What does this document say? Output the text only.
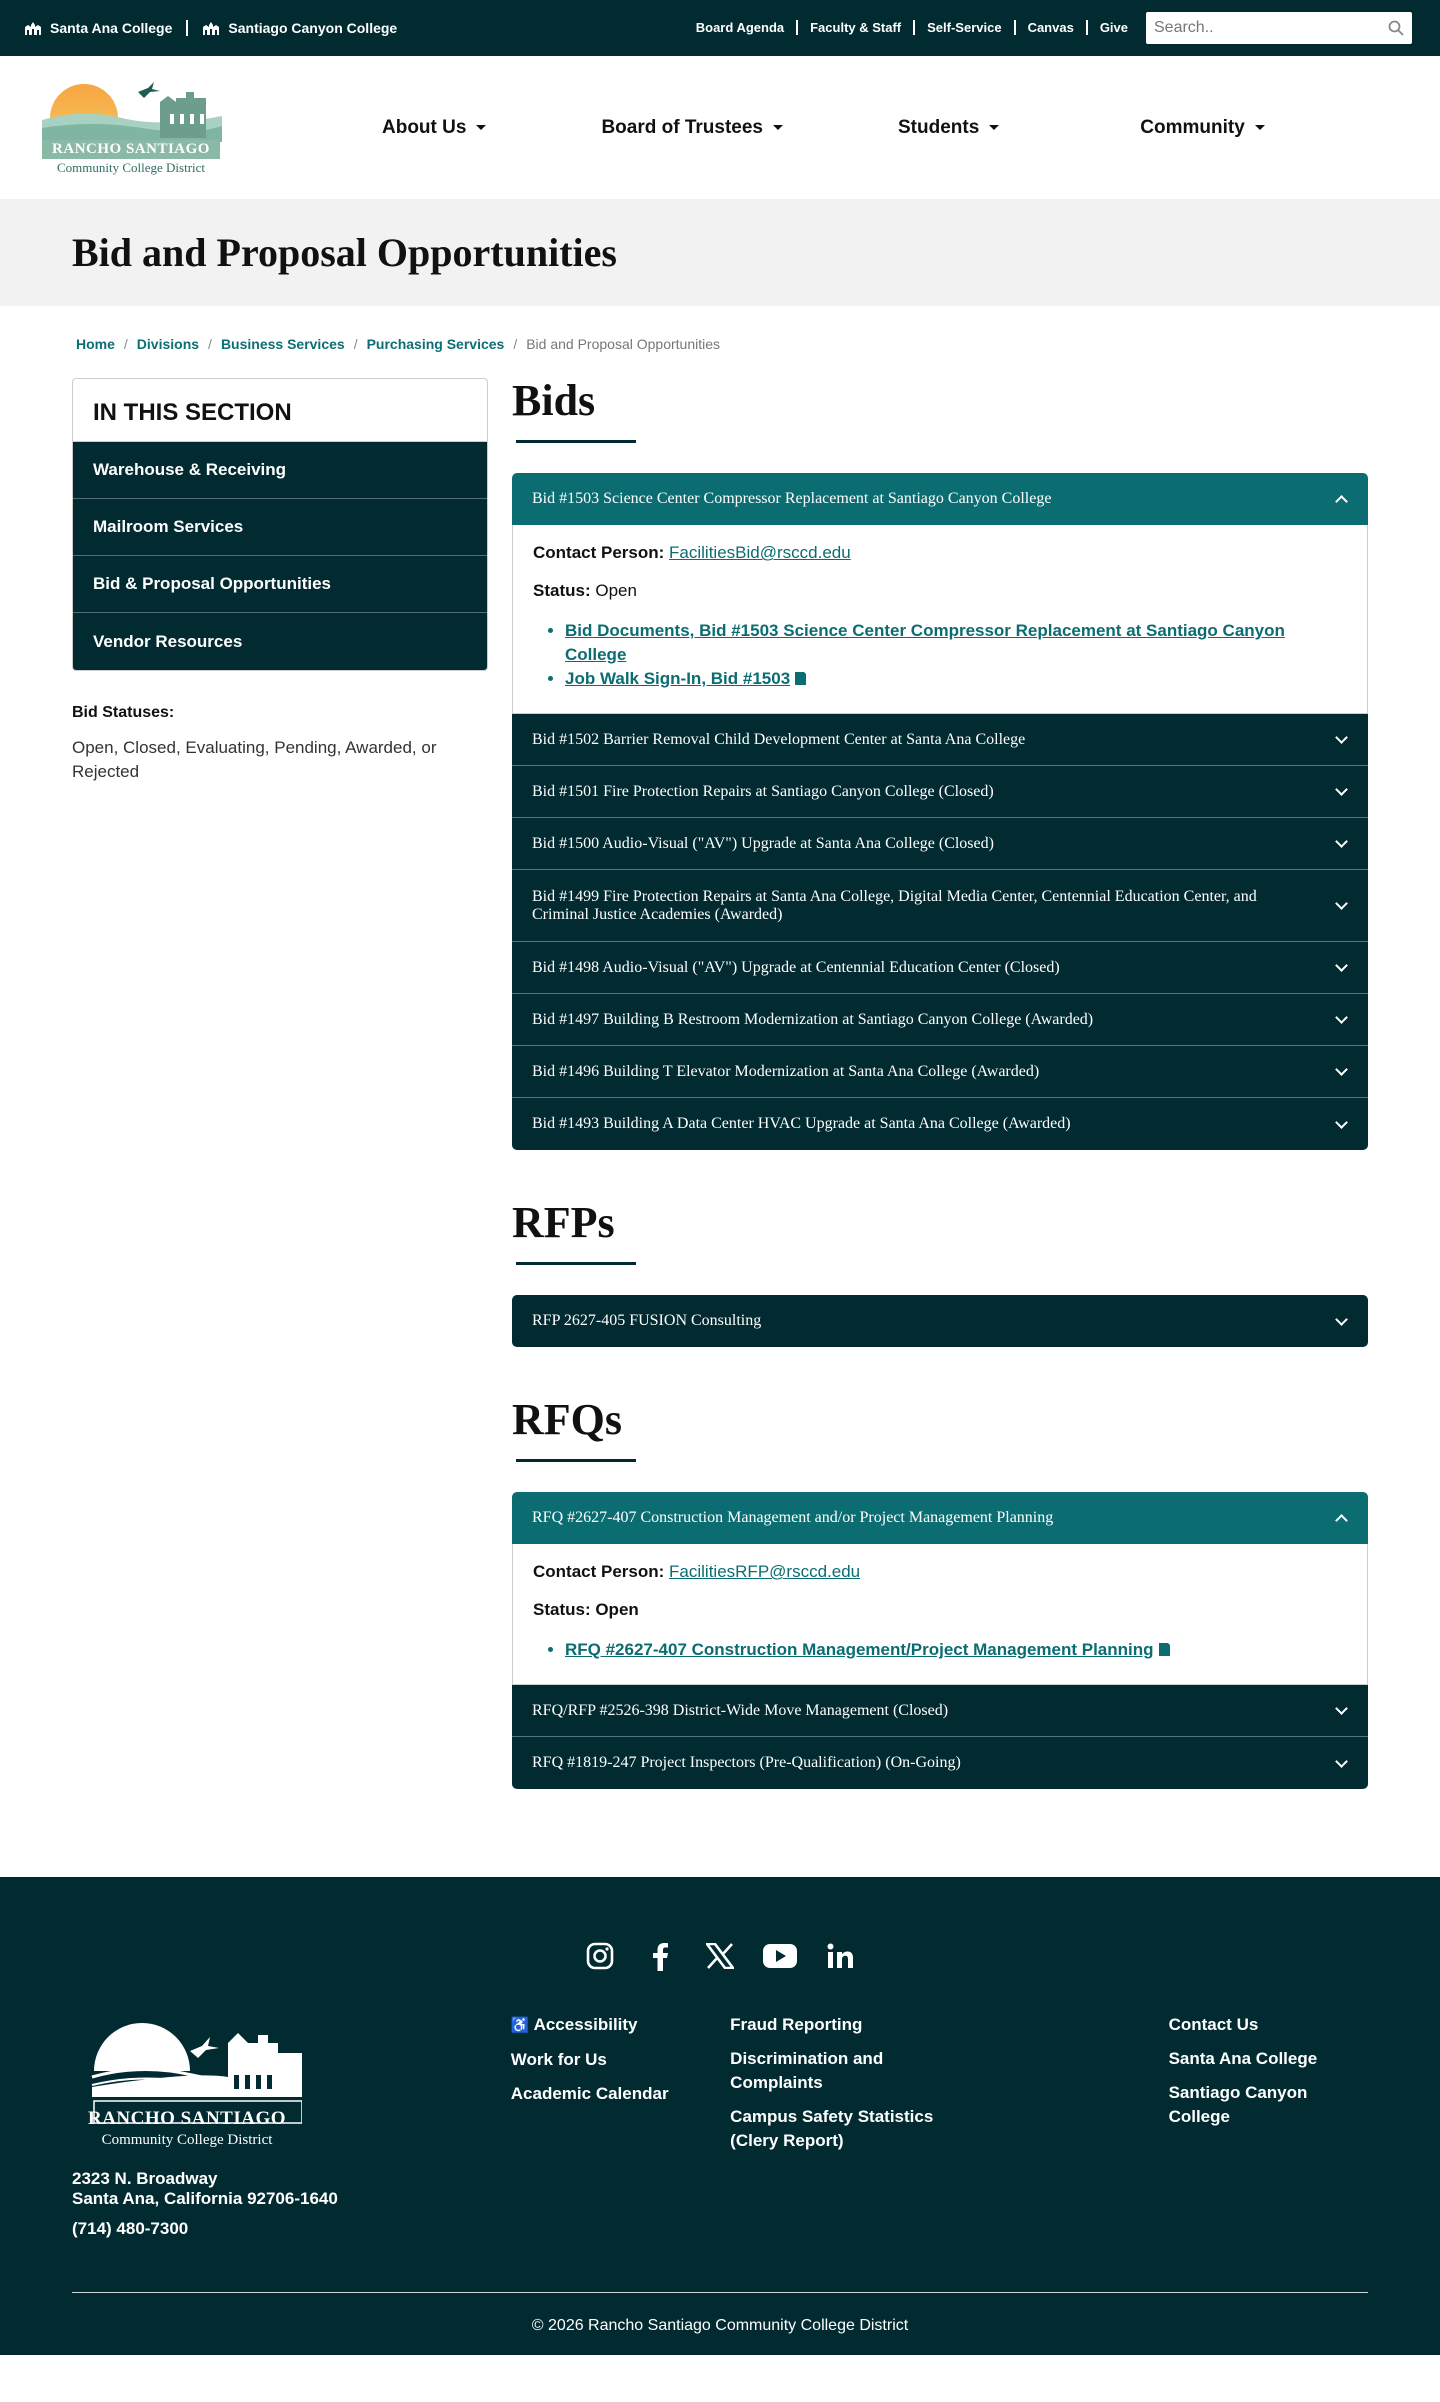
Santa Ana College	Santiago Canyon College	Board Agenda Faculty & Staff Self-Service Canvas Give
Search..
RANCHO SANTIAGO
Community College District
About Us	Board of Trustees	Students	Community
Bid and Proposal Opportunities
Home / Divisions / Business Services / Purchasing Services / Bid and Proposal Opportunities
IN THIS SECTION
Warehouse & Receiving
Mailroom Services
Bid & Proposal Opportunities
Vendor Resources
Bid Statuses:
Open, Closed, Evaluating, Pending, Awarded, or Rejected
Bids
Bid #1503 Science Center Compressor Replacement at Santiago Canyon College

Contact Person: FacilitiesBid@rsccd.edu

Status: Open

• Bid Documents, Bid #1503 Science Center Compressor Replacement at Santiago Canyon College
• Job Walk Sign-In, Bid #1503
Bid #1502 Barrier Removal Child Development Center at Santa Ana College
Bid #1501 Fire Protection Repairs at Santiago Canyon College (Closed)
Bid #1500 Audio-Visual ("AV") Upgrade at Santa Ana College (Closed)
Bid #1499 Fire Protection Repairs at Santa Ana College, Digital Media Center, Centennial Education Center, and Criminal Justice Academies (Awarded)
Bid #1498 Audio-Visual ("AV") Upgrade at Centennial Education Center (Closed)
Bid #1497 Building B Restroom Modernization at Santiago Canyon College (Awarded)
Bid #1496 Building T Elevator Modernization at Santa Ana College (Awarded)
Bid #1493 Building A Data Center HVAC Upgrade at Santa Ana College (Awarded)
RFPs
RFP 2627-405 FUSION Consulting
RFQs
RFQ #2627-407 Construction Management and/or Project Management Planning

Contact Person: FacilitiesRFP@rsccd.edu

Status: Open

• RFQ #2627-407 Construction Management/Project Management Planning
RFQ/RFP #2526-398 District-Wide Move Management (Closed)
RFQ #1819-247 Project Inspectors (Pre-Qualification) (On-Going)
RANCHO SANTIAGO
Community College District
2323 N. Broadway
Santa Ana, California 92706-1640
(714) 480-7300
♿ Accessibility
Work for Us
Academic Calendar
Fraud Reporting
Discrimination and Complaints
Campus Safety Statistics (Clery Report)
Contact Us
Santa Ana College
Santiago Canyon College
© 2026 Rancho Santiago Community College District
